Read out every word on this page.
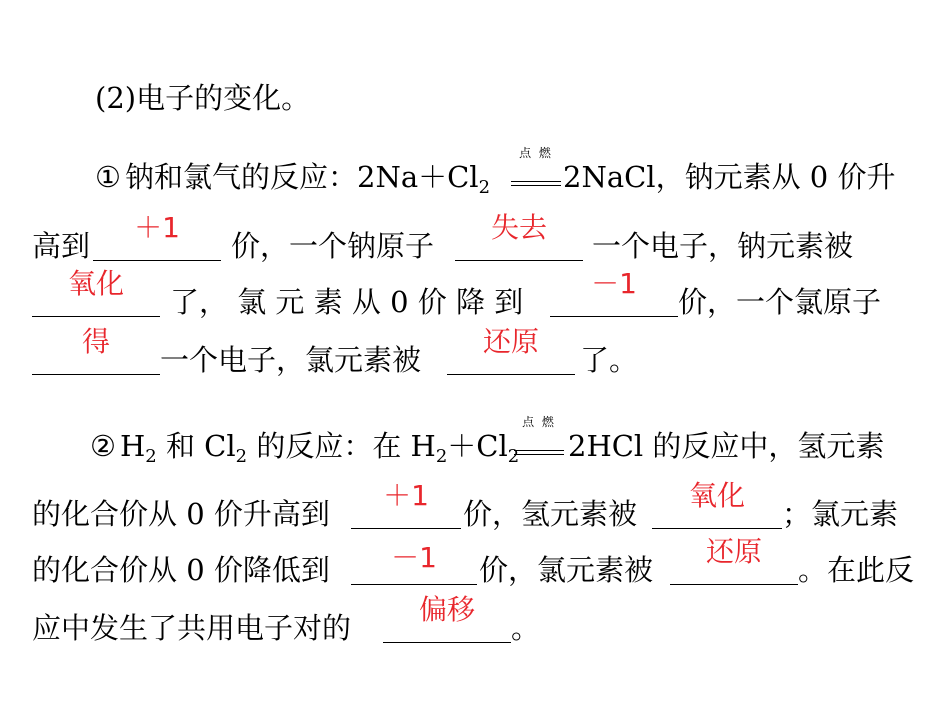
(2)电子的变化。
① 钠和氯气的反应：$2Na+Cl_2$
点 燃
2NaCl，钠元素从 0 价升
高到
＋1
价，一个钠原子
失去
一个电子，钠元素被
氧化
了， 氯 元 素 从 0 价 降 到
－1
价，一个氯原子
得
一个电子，氯元素被
还原
了。
② $H_2$ 和 $Cl_2$ 的反应：在 $H_2+Cl_2$
点 燃
2HCl 的反应中，氢元素
的化合价从 0 价升高到
＋1
价，氢元素被
氧化
；氯元素
的化合价从 0 价降低到	－1	价，氯元素被
还原
。在此反
应中发生了共用电子对的
偏移
。
